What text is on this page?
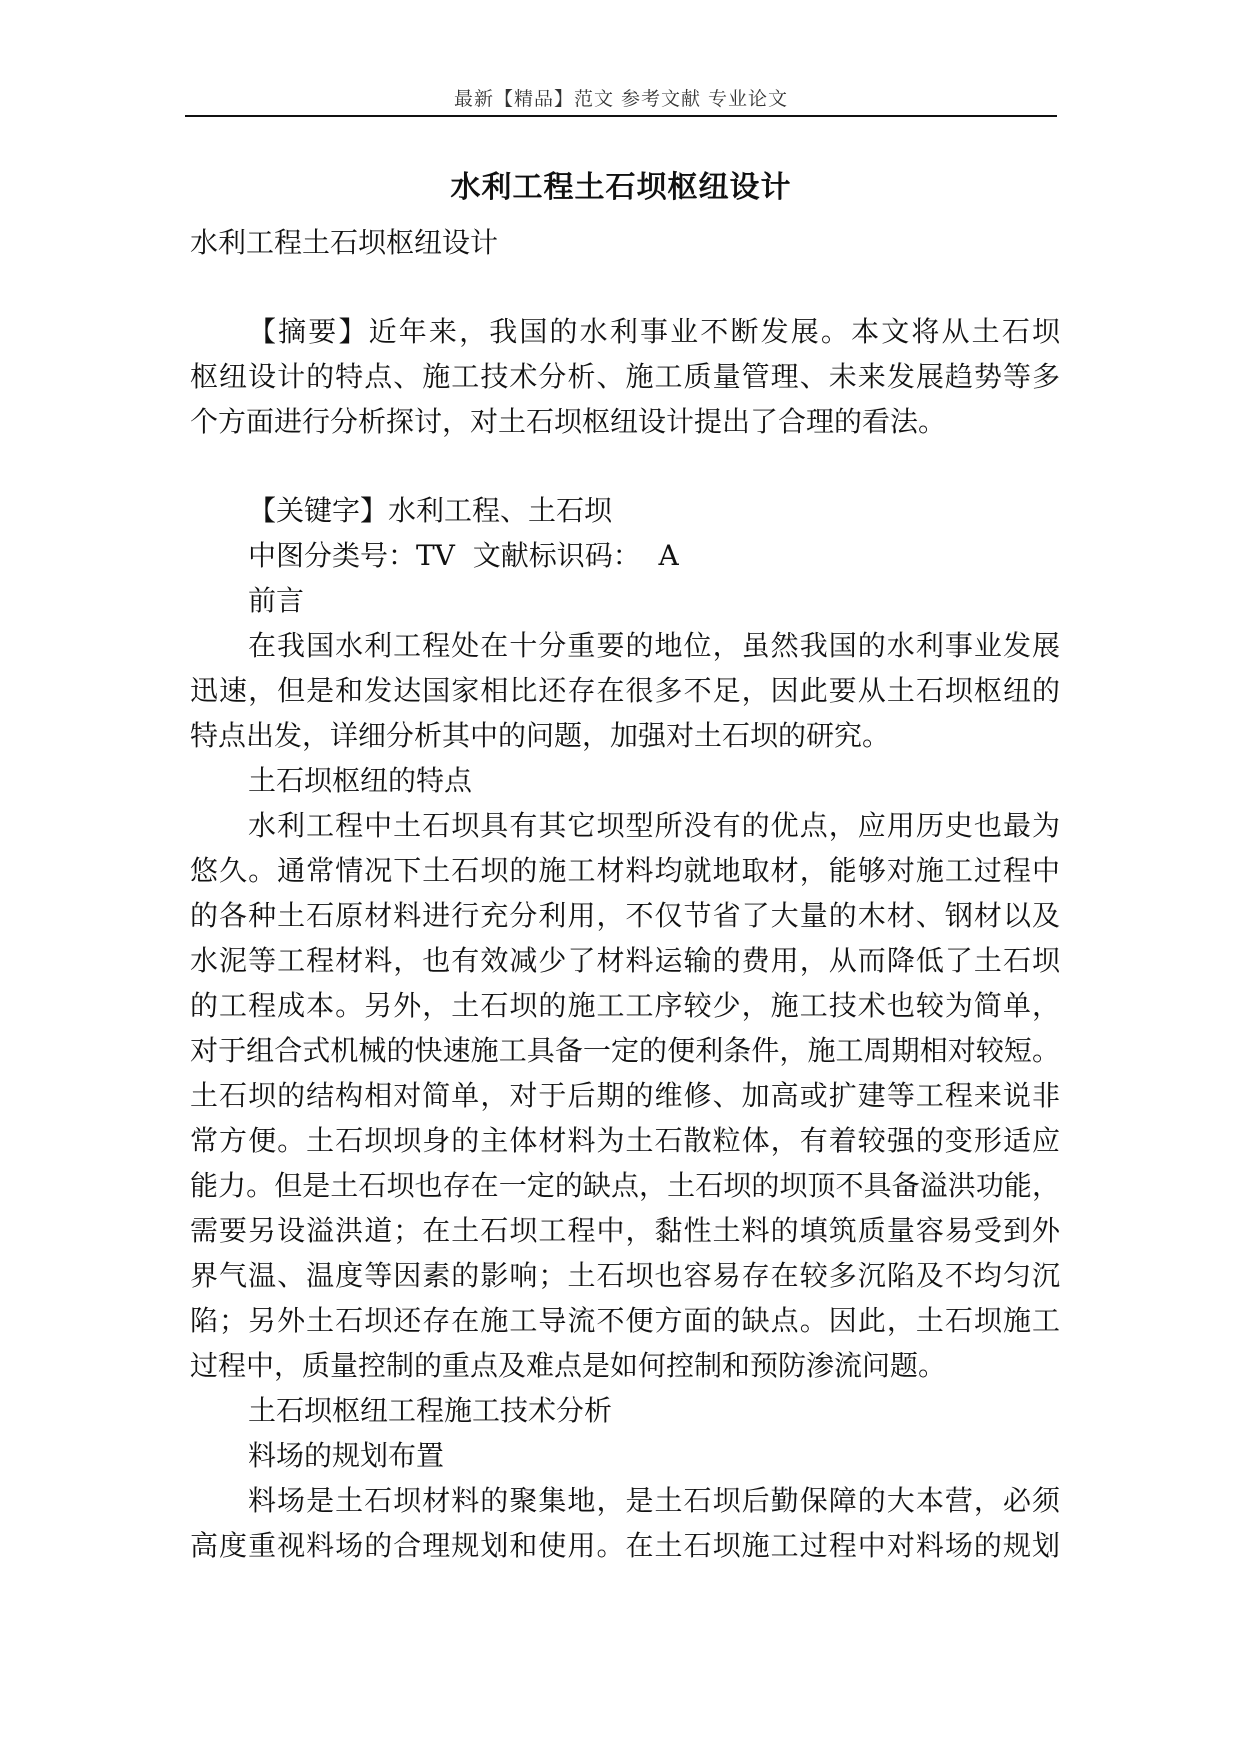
最新【精品】范文 参考文献 专业论文
水利工程土石坝枢纽设计

水利工程土石坝枢纽设计

【摘要】近年来，我国的水利事业不断发展。本文将从土石坝
枢纽设计的特点、施工技术分析、施工质量管理、未来发展趋势等多
个方面进行分析探讨，对土石坝枢纽设计提出了合理的看法。

【关键字】水利工程、土石坝

中图分类号：TV  文献标识码：  A

前言

在我国水利工程处在十分重要的地位，虽然我国的水利事业发展
迅速，但是和发达国家相比还存在很多不足，因此要从土石坝枢纽的
特点出发，详细分析其中的问题，加强对土石坝的研究。

土石坝枢纽的特点

水利工程中土石坝具有其它坝型所没有的优点，应用历史也最为
悠久。通常情况下土石坝的施工材料均就地取材，能够对施工过程中
的各种土石原材料进行充分利用，不仅节省了大量的木材、钢材以及
水泥等工程材料，也有效减少了材料运输的费用，从而降低了土石坝
的工程成本。另外，土石坝的施工工序较少，施工技术也较为简单，
对于组合式机械的快速施工具备一定的便利条件，施工周期相对较短。
土石坝的结构相对简单，对于后期的维修、加高或扩建等工程来说非
常方便。土石坝坝身的主体材料为土石散粒体，有着较强的变形适应
能力。但是土石坝也存在一定的缺点，土石坝的坝顶不具备溢洪功能，
需要另设溢洪道；在土石坝工程中，黏性土料的填筑质量容易受到外
界气温、温度等因素的影响；土石坝也容易存在较多沉陷及不均匀沉
陷；另外土石坝还存在施工导流不便方面的缺点。因此，土石坝施工
过程中，质量控制的重点及难点是如何控制和预防渗流问题。

土石坝枢纽工程施工技术分析

料场的规划布置

料场是土石坝材料的聚集地，是土石坝后勤保障的大本营，必须
高度重视料场的合理规划和使用。在土石坝施工过程中对料场的规划
